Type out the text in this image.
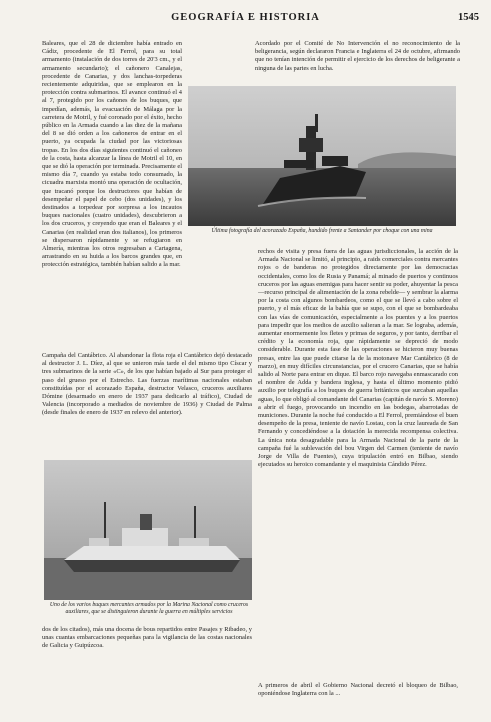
GEOGRAFÍA E HISTORIA	1545

Baleares, que el 28 de diciembre había entrado en Cádiz, procedente de El Ferrol, para su total armamento (instalación de dos torres de 20'3 cm., y el armamento secundario); el cañonero Canalejas, procedente de Canarias, y dos lanchas-torpederas recientemente adquiridas, que se emplearon en la protección contra submarinos. El avance continuó el 4 al 7, protegido por los cañones de los buques, que impedían, además, la evacuación de Málaga por la carretera de Motril, y fué coronado por el éxito, hecho público en la Armada cuando a las diez de la mañana del 8 se dió orden a los cañoneros de entrar en el puerto, ya ocupada la ciudad por las victoriosas tropas. En los dos días siguientes continuó el cañoneo de la costa, hasta alcanzar la línea de Motril el 10, en que se dió la operación por terminada. Precisamente el mismo día 7, cuando ya estaba todo consumado, la cicuadra marxista montó una operación de ocultación, que tracanó porque los destructores que habían de desempeñar el papel de cebo (dos unidades), y los destinados a torpedear por sorpresa a los incautos buques nacionales (cuatro unidades), descubrieron a los dos cruceros, y creyendo que eran el Baleares y el Canarias (en realidad eran dos italianos), los primeros se dispersaron rápidamente y se refugiaron en Almería, mientras los otros regresaban a Cartagena, arrastrando en su huida a los barcos grandes que, en protección estratégica, también habían salido a la mar.

Acordado por el Comité de No Intervención el no reconocimiento de la beligerancia, según declararon Francia e Inglaterra el 24 de octubre, afirmando que no tenían intención de permitir el ejercicio de los derechos de beligerante a ninguna de las partes en lucha.

Última fotografía del acorazado España, hundido frente a Santander por choque con una mina

Campaña del Cantábrico. Al abandonar la flota roja el Cantábrico dejó destacado al destructor J. L. Díez, al que se unieron más tarde el del mismo tipo Císcar y tres submarinos de la serie «C», de los que habían bajado al Sur para proteger el paso del grueso por el Estrecho. Las fuerzas marítimas nacionales estaban constituídas por el acorazado España, destructor Velasco, cruceros auxiliares Dómine (desarmado en enero de 1937 para dedicarlo al tráfico), Ciudad de Valencia (incorporado a mediados de noviembre de 1936) y Ciudad de Palma (desde finales de enero de 1937 en relevo del anterior).

rechos de visita y presa fuera de las aguas jurisdiccionales, la acción de la Armada Nacional se limitó, al principio, a raids comerciales contra mercantes rojos o de banderas no protegidos directamente por las democracias occidentales, como los de Rusia y Panamá; al minado de puertos y continuos cruceros por las aguas enemigas para hacer sentir su poder, ahuyentar la pesca —recurso principal de alimentación de la zona rebelde— y sembrar la alarma por la costa con algunos bombardeos, como el que se llevó a cabo sobre el puerto, y el más eficaz de la bahía que se supo, con el que se bombardeaba con las vías de comunicación, especialmente a los puentes y a los puertos para impedir que los medios de auxilio salieran a la mar. Se lograba, además, aumentar enormemente los fletes y primas de seguros, y por tanto, derribar el crédito y la economía roja, que rápidamente se depreció de modo considerable. Durante esta fase de las operaciones se hicieron muy buenas presas, entre las que puede citarse la de la motonave Mar Cantábrico (8 de marzo), en muy difíciles circunstancias, por el crucero Canarias, que se había salido al Norte para entrar en dique. El barco rojo navegaba enmascarado con el nombre de Adda y bandera inglesa, y hasta el último momento pidió auxilio por telegrafía a los buques de guerra británicos que surcaban aquellas aguas, lo que obligó al comandante del Canarias (capitán de navío S. Moreno) a abrir el fuego, provocando un incendio en las bodegas, abarrotadas de municiones. Durante la noche fué conducido a El Ferrol, premiándose el buen desempeño de la presa, teniente de navío Lostau, con la cruz laureada de San Fernando y concediéndose a la dotación la merecida recompensa colectiva. La única nota desagradable para la Armada Nacional de la parte de la campaña fué la sublevación del bou Virgen del Carmen (teniente de navío Jorge de Villa de Fuentes), cuya tripulación entró en Bilbao, siendo ejecutados su heroico comandante y el maquinista Cándido Pérez.

Uno de los varios buques mercantes armados por la Marina Nacional como cruceros auxiliares, que se distinguieron durante la guerra en múltiples servicios

dos de los citados), más una docena de bous repartidos entre Pasajes y Ribadeo, y unas cuantas embarcaciones pequeñas para la vigilancia de las costas nacionales de Galicia y Guipúzcoa.

A primeros de abril el Gobierno Nacional decretó el bloqueo de Bilbao, oponiéndose Inglaterra con la ...
